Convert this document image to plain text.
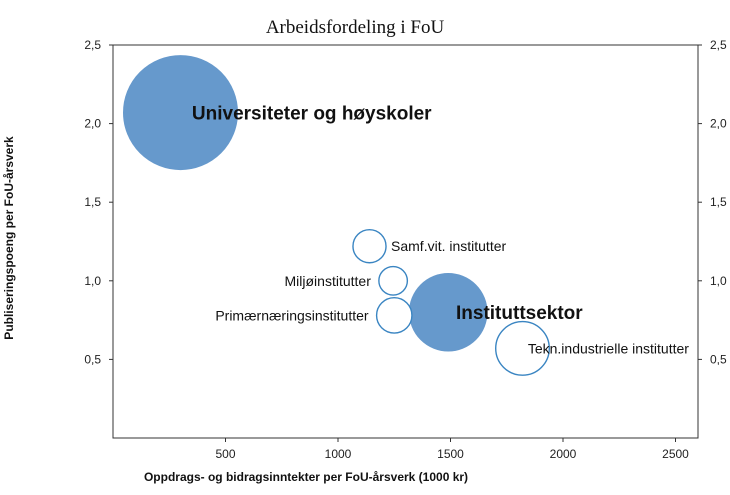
Arbeidsfordeling i FoU
0,5
1,0
1,5
2,0
2,5
0,5
1,0
1,5
2,0
2,5
500	1000	1500	2000	2500
Universiteter og høyskoler
Instituttsektor
Samf.vit. institutter
Miljøinstitutter
Primærnæringsinstitutter
Tekn.industrielle institutter
Oppdrags- og bidragsinntekter per FoU-årsverk (1000 kr)
Publiseringspoeng per FoU-årsverk
